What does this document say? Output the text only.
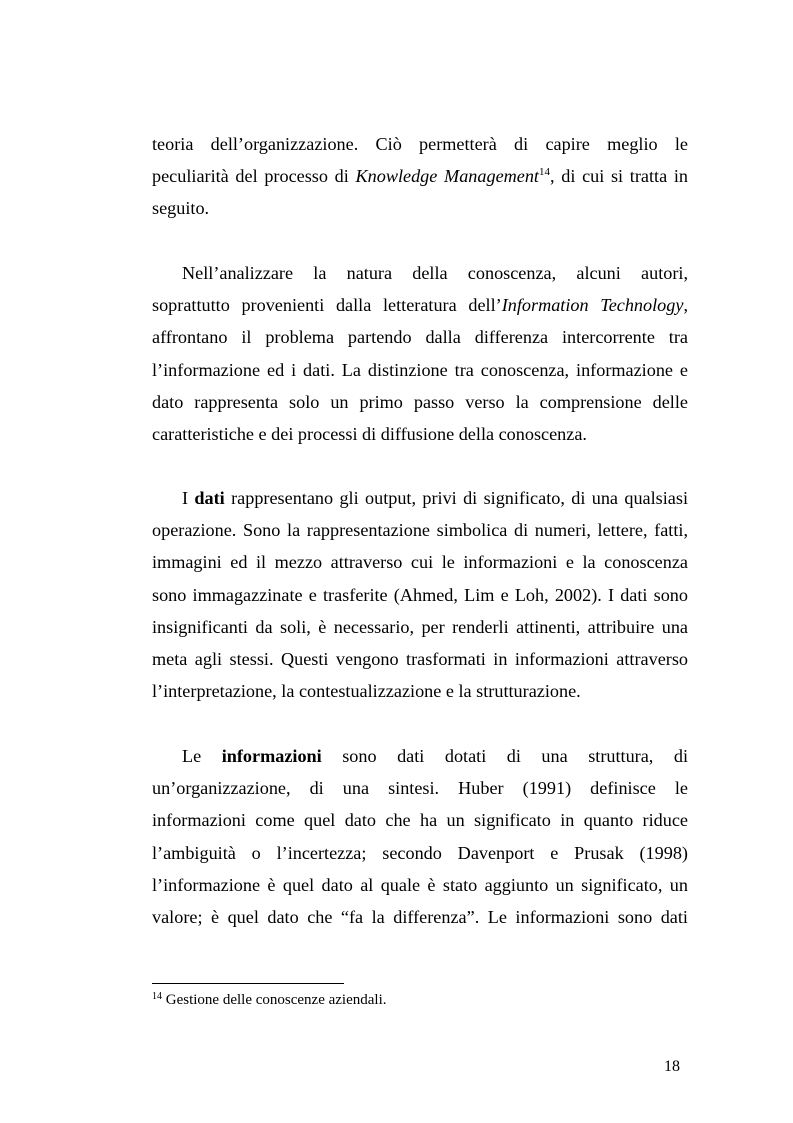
teoria dell’organizzazione. Ciò permetterà di capire meglio le
peculiarità del processo di Knowledge Management$^{14}$, di cui si tratta in
seguito.
Nell’analizzare la natura della conoscenza, alcuni autori,
soprattutto provenienti dalla letteratura dell’Information Technology,
affrontano il problema partendo dalla differenza intercorrente tra
l’informazione ed i dati. La distinzione tra conoscenza, informazione e
dato rappresenta solo un primo passo verso la comprensione delle
caratteristiche e dei processi di diffusione della conoscenza.
I dati rappresentano gli output, privi di significato, di una qualsiasi
operazione. Sono la rappresentazione simbolica di numeri, lettere, fatti,
immagini ed il mezzo attraverso cui le informazioni e la conoscenza
sono immagazzinate e trasferite (Ahmed, Lim e Loh, 2002). I dati sono
insignificanti da soli, è necessario, per renderli attinenti, attribuire una
meta agli stessi. Questi vengono trasformati in informazioni attraverso
l’interpretazione, la contestualizzazione e la strutturazione.
Le informazioni sono dati dotati di una struttura, di
un’organizzazione, di una sintesi. Huber (1991) definisce le
informazioni come quel dato che ha un significato in quanto riduce
l’ambiguità o l’incertezza; secondo Davenport e Prusak (1998)
l’informazione è quel dato al quale è stato aggiunto un significato, un
valore; è quel dato che “fa la differenza”. Le informazioni sono dati
$^{14}$ Gestione delle conoscenze aziendali.
18
